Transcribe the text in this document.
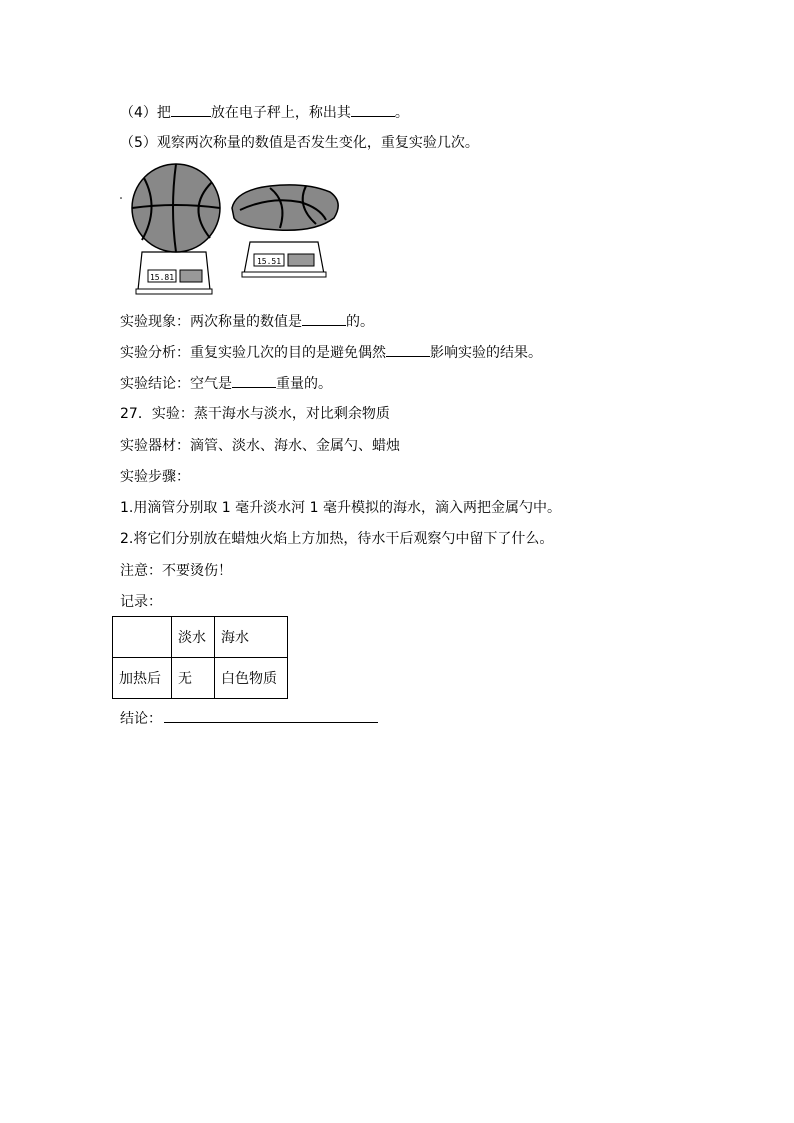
（4）把	放在电子秤上，称出其	。
（5）观察两次称量的数值是否发生变化，重复实验几次。
15.81
15.51
实验现象：两次称量的数值是	的。
实验分析：重复实验几次的目的是避免偶然	影响实验的结果。
实验结论：空气是	重量的。
27．实验：蒸干海水与淡水，对比剩余物质
实验器材：滴管、淡水、海水、金属勺、蜡烛
实验步骤：
1.用滴管分别取 1 毫升淡水河 1 毫升模拟的海水，滴入两把金属勺中。
2.将它们分别放在蜡烛火焰上方加热，待水干后观察勺中留下了什么。
注意：不要烫伤！
记录：
	淡水	海水
加热后	无	白色物质
结论：
